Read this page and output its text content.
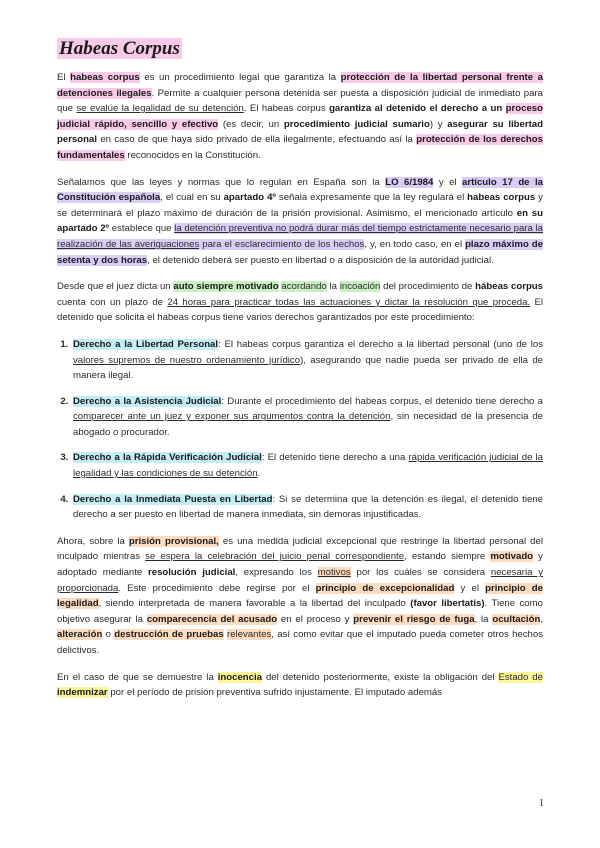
Habeas Corpus

El habeas corpus es un procedimiento legal que garantiza la protección de la libertad personal frente a detenciones ilegales. Permite a cualquier persona detenida ser puesta a disposición judicial de inmediato para que se evalúe la legalidad de su detención. El habeas corpus garantiza al detenido el derecho a un proceso judicial rápido, sencillo y efectivo (es decir, un procedimiento judicial sumario) y asegurar su libertad personal en caso de que haya sido privado de ella ilegalmente, efectuando así la protección de los derechos fundamentales reconocidos en la Constitución.

Señalamos que las leyes y normas que lo regulan en España son la LO 6/1984 y el artículo 17 de la Constitución española, el cual en su apartado 4º señala expresamente que la ley regulará el habeas corpus y se determinará el plazo máximo de duración de la prisión provisional. Asimismo, el mencionado artículo en su apartado 2º establece que la detención preventiva no podrá durar más del tiempo estrictamente necesario para la realización de las averiguaciones para el esclarecimiento de los hechos, y, en todo caso, en el plazo máximo de setenta y dos horas, el detenido deberá ser puesto en libertad o a disposición de la autoridad judicial.

Desde que el juez dicta un auto siempre motivado acordando la incoación del procedimiento de hábeas corpus cuenta con un plazo de 24 horas para practicar todas las actuaciones y dictar la resolución que proceda. El detenido que solicita el habeas corpus tiene varios derechos garantizados por este procedimiento:

1. Derecho a la Libertad Personal: El habeas corpus garantiza el derecho a la libertad personal (uno de los valores supremos de nuestro ordenamiento jurídico), asegurando que nadie pueda ser privado de ella de manera ilegal.
2. Derecho a la Asistencia Judicial: Durante el procedimiento del habeas corpus, el detenido tiene derecho a comparecer ante un juez y exponer sus argumentos contra la detención, sin necesidad de la presencia de abogado o procurador.
3. Derecho a la Rápida Verificación Judicial: El detenido tiene derecho a una rápida verificación judicial de la legalidad y las condiciones de su detención.
4. Derecho a la Inmediata Puesta en Libertad: Si se determina que la detención es ilegal, el detenido tiene derecho a ser puesto en libertad de manera inmediata, sin demoras injustificadas.

Ahora, sobre la prisión provisional, es una medida judicial excepcional que restringe la libertad personal del inculpado mientras se espera la celebración del juicio penal correspondiente, estando siempre motivado y adoptado mediante resolución judicial, expresando los motivos por los cuáles se considera necesaria y proporcionada. Este procedimiento debe regirse por el principio de excepcionalidad y el principio de legalidad, siendo interpretada de manera favorable a la libertad del inculpado (favor libertatis). Tiene como objetivo asegurar la comparecencia del acusado en el proceso y prevenir el riesgo de fuga, la ocultación, alteración o destrucción de pruebas relevantes, así como evitar que el imputado pueda cometer otros hechos delictivos.

En el caso de que se demuestre la inocencia del detenido posteriormente, existe la obligación del Estado de indemnizar por el período de prisión preventiva sufrido injustamente. El imputado además

1
